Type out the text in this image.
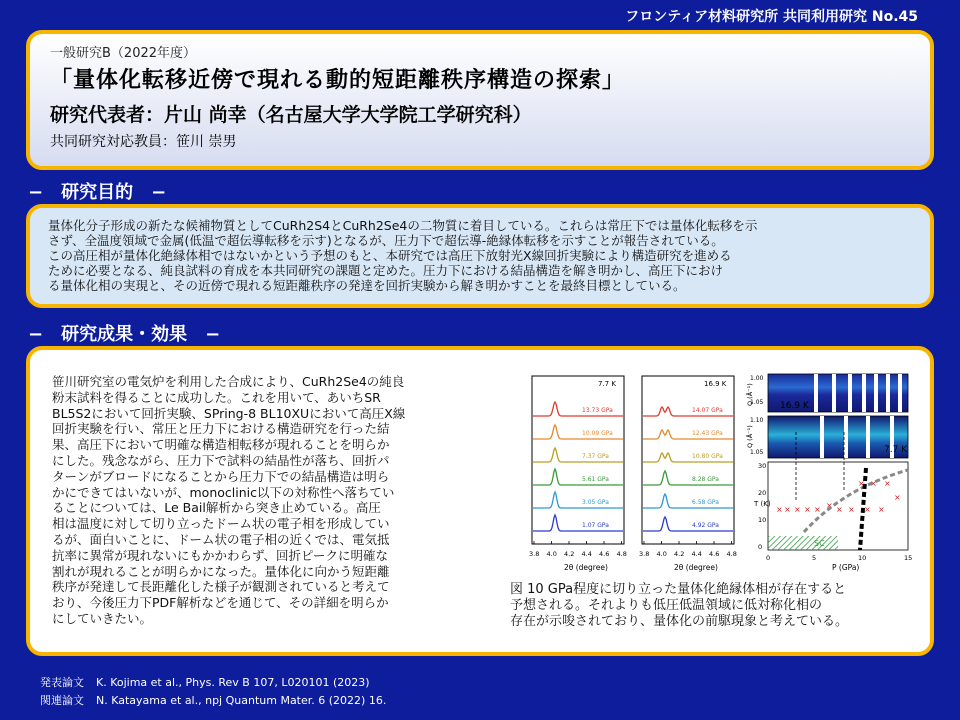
フロンティア材料研究所 共同利用研究 No.45
一般研究B（2022年度）
「量体化転移近傍で現れる動的短距離秩序構造の探索」
研究代表者：片山 尚幸（名古屋大学大学院工学研究科）
共同研究対応教員：笹川 崇男
− 研究目的 −
量体化分子形成の新たな候補物質としてCuRh2S4とCuRh2Se4の二物質に着目している。これらは常圧下では量体化転移を示
さず、全温度領域で金属(低温で超伝導転移を示す)となるが、圧力下で超伝導-絶縁体転移を示すことが報告されている。
この高圧相が量体化絶縁体相ではないかという予想のもと、本研究では高圧下放射光X線回折実験により構造研究を進める
ために必要となる、純良試料の育成を本共同研究の課題と定めた。圧力下における結晶構造を解き明かし、高圧下におけ
る量体化相の実現と、その近傍で現れる短距離秩序の発達を回折実験から解き明かすことを最終目標としている。
− 研究成果・効果 −
笹川研究室の電気炉を利用した合成により、CuRh2Se4の純良
粉末試料を得ることに成功した。これを用いて、あいちSR
BL5S2において回折実験、SPring-8 BL10XUにおいて高圧X線
回折実験を行い、常圧と圧力下における構造研究を行った結
果、高圧下において明確な構造相転移が現れることを明らか
にした。残念ながら、圧力下で試料の結晶性が落ち、回折パ
ターンがブロードになることから圧力下での結晶構造は明ら
かにできてはいないが、monoclinic以下の対称性へ落ちてい
ることについては、Le Bail解析から突き止めている。高圧
相は温度に対して切り立ったドーム状の電子相を形成してい
るが、面白いことに、ドーム状の電子相の近くでは、電気抵
抗率に異常が現れないにもかかわらず、回折ピークに明確な
割れが現れることが明らかになった。量体化に向かう短距離
秩序が発達して長距離化した様子が観測されていると考えて
おり、今後圧力下PDF解析などを通じて、その詳細を明らか
にしていきたい。
7.7 K
13.73 GPa
10.09 GPa
7.37 GPa
5.61 GPa
3.05 GPa
1.07 GPa
3.8 4.0 4.2 4.4 4.6 4.8
2θ (degree)
16.9 K
14.07 GPa
12.43 GPa
10.80 GPa
8.28 GPa
6.58 GPa
4.92 GPa
3.8 4.0 4.2 4.4 4.6 4.8
2θ (degree)
16.9 K
7.7 K
Q (Å⁻¹)
Q (Å⁻¹)
1.00
1.05
1.10
1.05
SC
× × × × × × × ×
× × ×
×
× ×
T (K)
30
20
10
0
0	5	10	15
P (GPa)
図 10 GPa程度に切り立った量体化絶縁体相が存在すると
予想される。それよりも低圧低温領域に低対称化相の
存在が示唆されており、量体化の前駆現象と考えている。
発表論文 K. Kojima et al., Phys. Rev B 107, L020101 (2023)
関連論文 N. Katayama et al., npj Quantum Mater. 6 (2022) 16.
